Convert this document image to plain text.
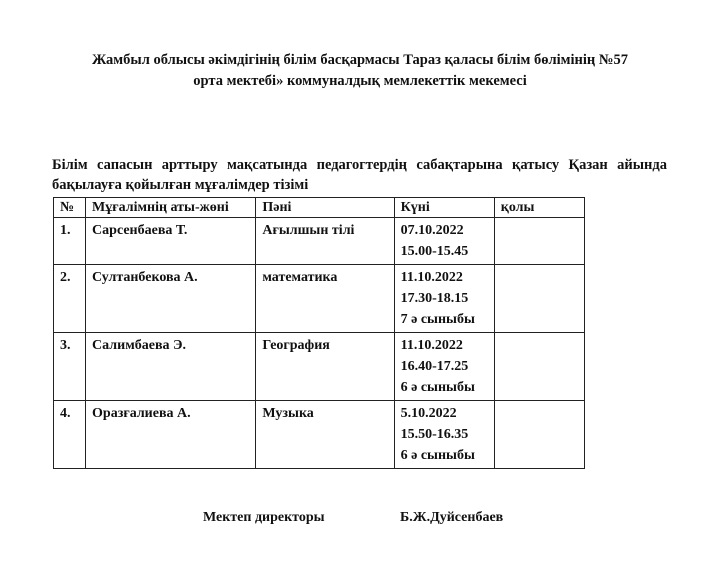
Жамбыл облысы әкімдігінің білім басқармасы Тараз қаласы білім бөлімінің №57
орта мектебі» коммуналдық мемлекеттік мекемесі
Білім сапасын арттыру мақсатында педагогтердің сабақтарына қатысу Қазан айында бақылауға қойылған мұғалімдер тізімі
№	Мұғалімнің аты-жөні	Пәні	Күні	қолы
1.	Сарсенбаева Т.	Ағылшын тілі	07.10.2022
15.00-15.45	

2.	Султанбекова А.	математика	11.10.2022
17.30-18.15
7 ә сыныбы	

3.	Салимбаева Э.	География	11.10.2022
16.40-17.25
6 ә сыныбы	

4.	Оразғалиева А.	Музыка	5.10.2022
15.50-16.35
6 ә сыныбы	

Мектеп директоры	Б.Ж.Дуйсенбаев
